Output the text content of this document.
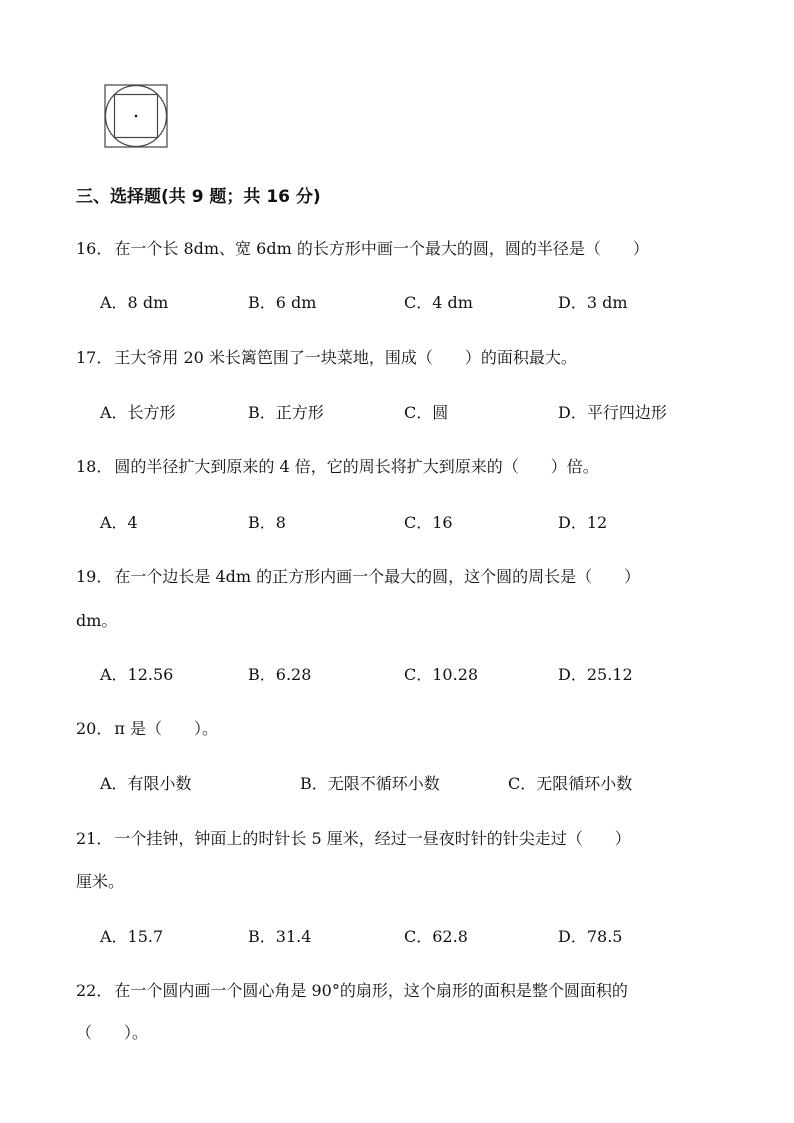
三、选择题(共 9 题；共 16 分)
16． 在一个长 8dm、宽 6dm 的长方形中画一个最大的圆，圆的半径是（　　）
A．8 dm	B．6 dm	C．4 dm	D．3 dm
17． 王大爷用 20 米长篱笆围了一块菜地，围成（　　）的面积最大。
A．长方形	B．正方形	C．圆	D．平行四边形
18． 圆的半径扩大到原来的 4 倍，它的周长将扩大到原来的（　　）倍。
A．4	B．8	C．16	D．12
19． 在一个边长是 4dm 的正方形内画一个最大的圆，这个圆的周长是（　　）
dm。
A．12.56	B．6.28	C．10.28	D．25.12
20． π 是（　　）。
A．有限小数	B．无限不循环小数	C．无限循环小数
21． 一个挂钟，钟面上的时针长 5 厘米，经过一昼夜时针的针尖走过（　　）
厘米。
A．15.7	B．31.4	C．62.8	D．78.5
22． 在一个圆内画一个圆心角是 90°的扇形，这个扇形的面积是整个圆面积的
（　　）。
